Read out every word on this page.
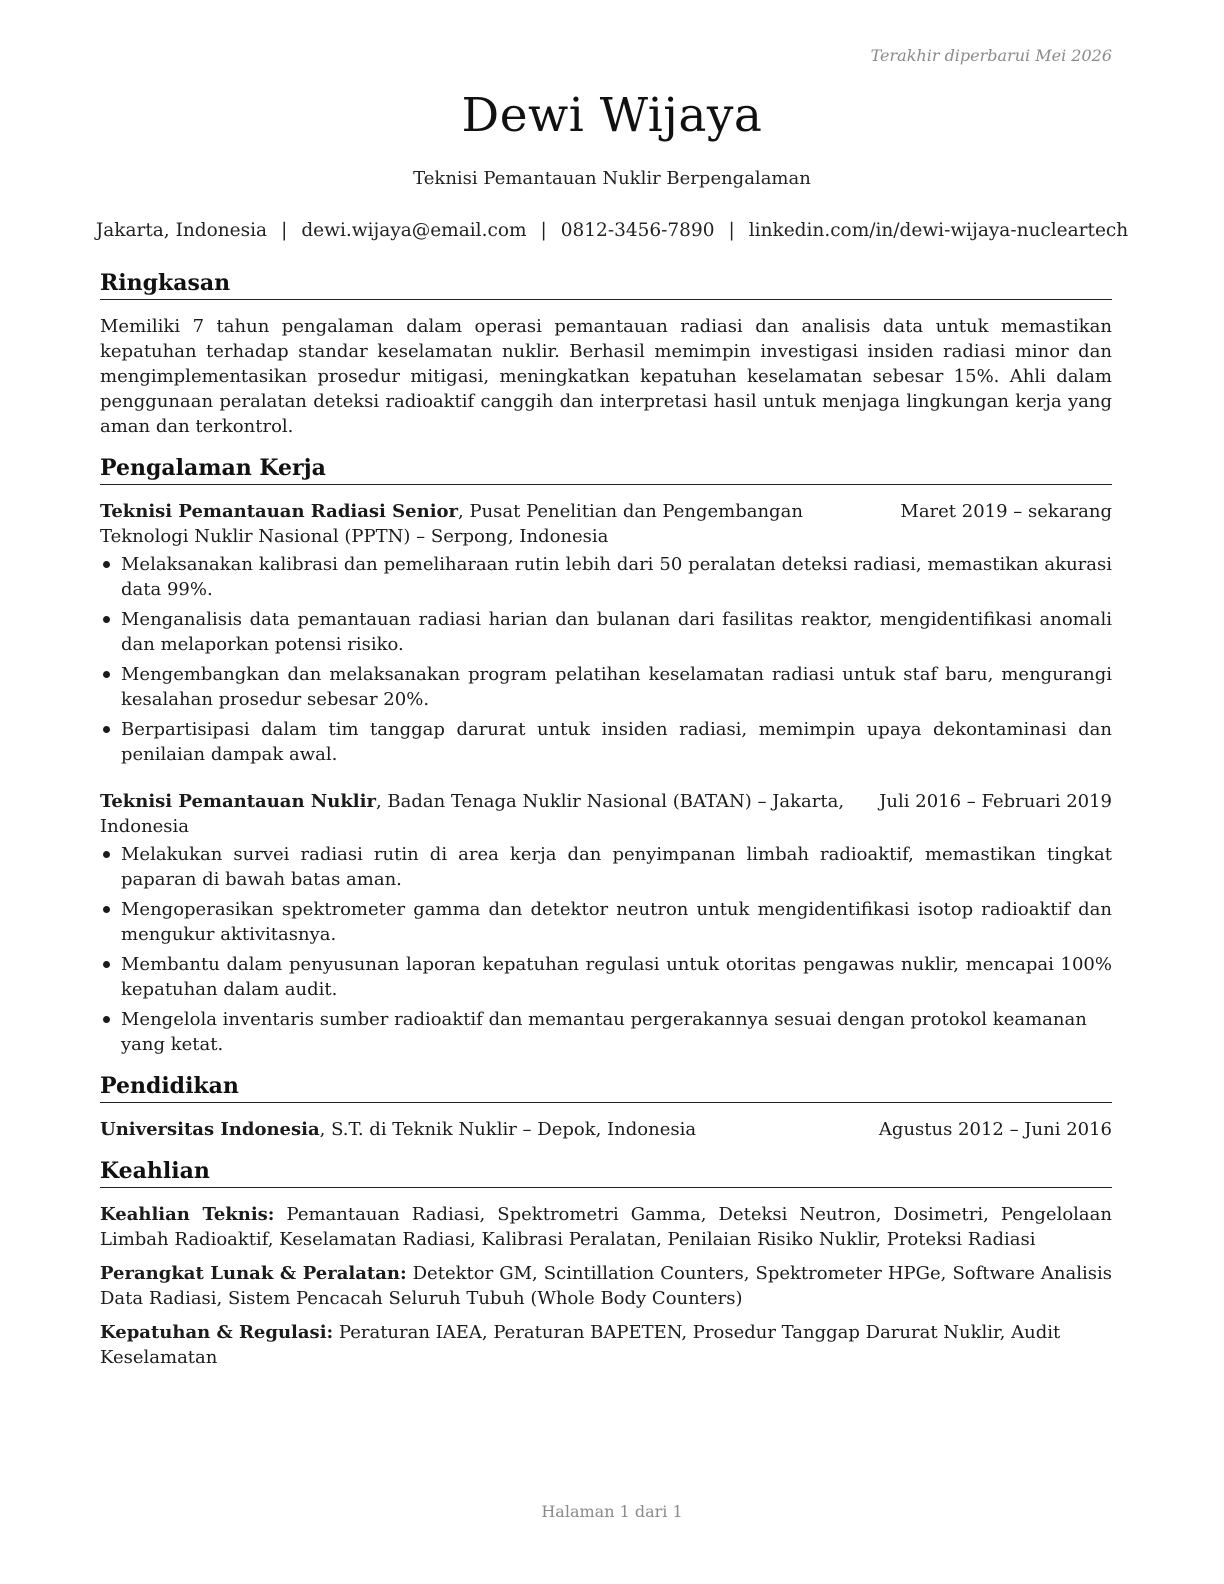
Terakhir diperbarui Mei 2026
Dewi Wijaya
Teknisi Pemantauan Nuklir Berpengalaman
Jakarta, Indonesia | dewi.wijaya@email.com | 0812-3456-7890 | linkedin.com/in/dewi-wijaya-nucleartech
Ringkasan

Memiliki 7 tahun pengalaman dalam operasi pemantauan radiasi dan analisis data untuk memastikan kepatuhan terhadap standar keselamatan nuklir. Berhasil memimpin investigasi insiden radiasi minor dan mengimplementasikan prosedur mitigasi, meningkatkan kepatuhan keselamatan sebesar 15%. Ahli dalam penggunaan peralatan deteksi radioaktif canggih dan interpretasi hasil untuk menjaga lingkungan kerja yang aman dan terkontrol.

Pengalaman Kerja
Teknisi Pemantauan Radiasi Senior, Pusat Penelitian dan Pengembangan Teknologi Nuklir Nasional (PPTN) – Serpong, Indonesia
Maret 2019 – sekarang
Melaksanakan kalibrasi dan pemeliharaan rutin lebih dari 50 peralatan deteksi radiasi, memastikan akurasi data 99%.
Menganalisis data pemantauan radiasi harian dan bulanan dari fasilitas reaktor, mengidentifikasi anomali dan melaporkan potensi risiko.
Mengembangkan dan melaksanakan program pelatihan keselamatan radiasi untuk staf baru, mengurangi kesalahan prosedur sebesar 20%.
Berpartisipasi dalam tim tanggap darurat untuk insiden radiasi, memimpin upaya dekontaminasi dan penilaian dampak awal.
Teknisi Pemantauan Nuklir, Badan Tenaga Nuklir Nasional (BATAN) – Jakarta, Indonesia
Juli 2016 – Februari 2019
Melakukan survei radiasi rutin di area kerja dan penyimpanan limbah radioaktif, memastikan tingkat paparan di bawah batas aman.
Mengoperasikan spektrometer gamma dan detektor neutron untuk mengidentifikasi isotop radioaktif dan mengukur aktivitasnya.
Membantu dalam penyusunan laporan kepatuhan regulasi untuk otoritas pengawas nuklir, mencapai 100% kepatuhan dalam audit.
Mengelola inventaris sumber radioaktif dan memantau pergerakannya sesuai dengan protokol keamanan yang ketat.
Pendidikan
Universitas Indonesia, S.T. di Teknik Nuklir – Depok, Indonesia	Agustus 2012 – Juni 2016
Keahlian

Keahlian Teknis: Pemantauan Radiasi, Spektrometri Gamma, Deteksi Neutron, Dosimetri, Pengelolaan Limbah Radioaktif, Keselamatan Radiasi, Kalibrasi Peralatan, Penilaian Risiko Nuklir, Proteksi Radiasi

Perangkat Lunak & Peralatan: Detektor GM, Scintillation Counters, Spektrometer HPGe, Software Analisis Data Radiasi, Sistem Pencacah Seluruh Tubuh (Whole Body Counters)

Kepatuhan & Regulasi: Peraturan IAEA, Peraturan BAPETEN, Prosedur Tanggap Darurat Nuklir, Audit Keselamatan

Halaman 1 dari 1
